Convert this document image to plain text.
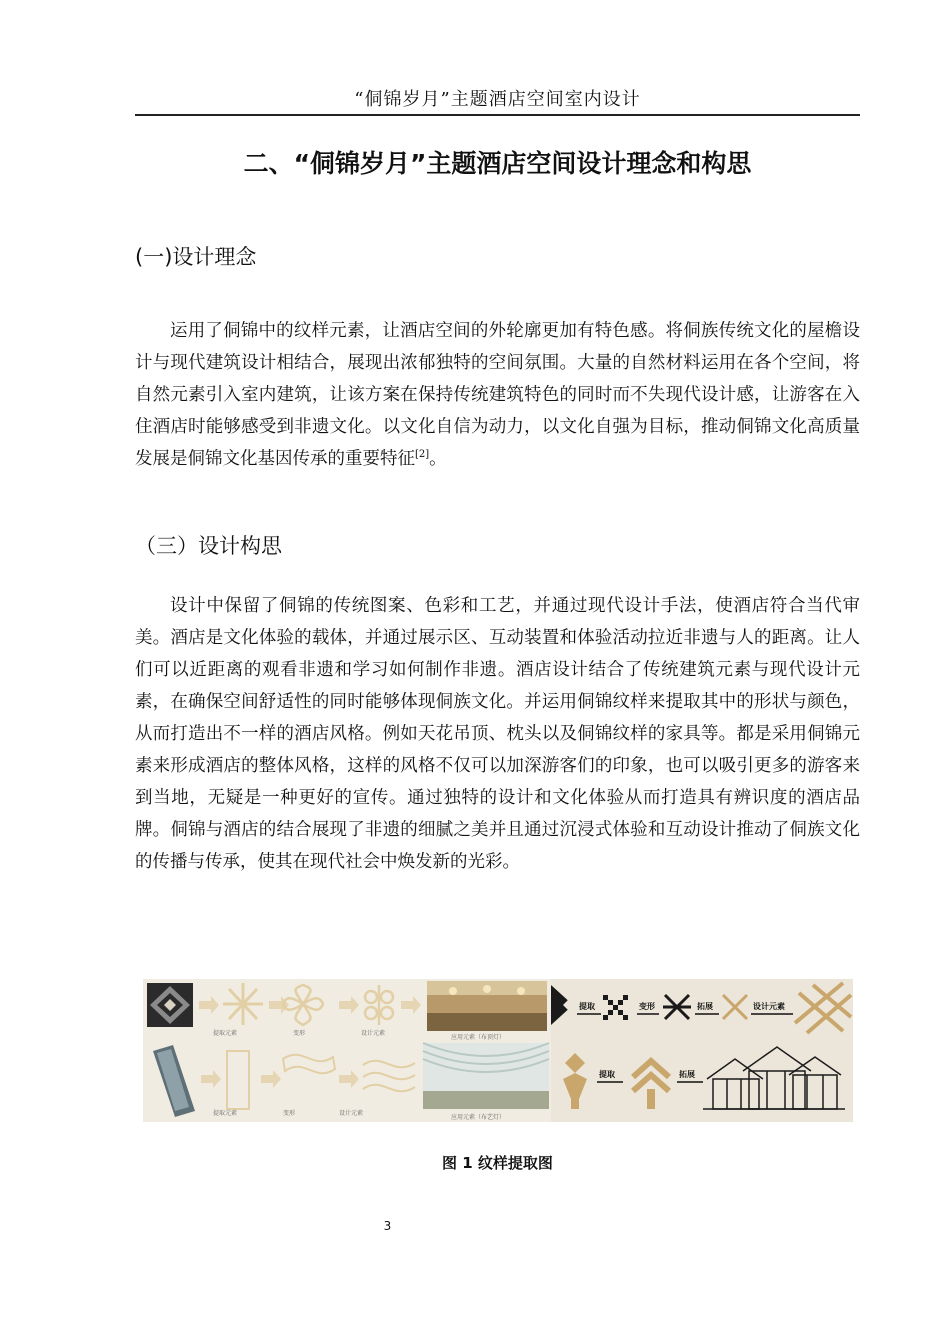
“侗锦岁月”主题酒店空间室内设计
二、“侗锦岁月”主题酒店空间设计理念和构思
(一)设计理念

运用了侗锦中的纹样元素，让酒店空间的外轮廓更加有特色感。将侗族传统文化的屋檐设计与现代建筑设计相结合，展现出浓郁独特的空间氛围。大量的自然材料运用在各个空间，将自然元素引入室内建筑，让该方案在保持传统建筑特色的同时而不失现代设计感，让游客在入住酒店时能够感受到非遗文化。以文化自信为动力，以文化自强为目标，推动侗锦文化高质量发展是侗锦文化基因传承的重要特征[2]。

（三）设计构思

设计中保留了侗锦的传统图案、色彩和工艺，并通过现代设计手法，使酒店符合当代审美。酒店是文化体验的载体，并通过展示区、互动装置和体验活动拉近非遗与人的距离。让人们可以近距离的观看非遗和学习如何制作非遗。酒店设计结合了传统建筑元素与现代设计元素，在确保空间舒适性的同时能够体现侗族文化。并运用侗锦纹样来提取其中的形状与颜色，从而打造出不一样的酒店风格。例如天花吊顶、枕头以及侗锦纹样的家具等。都是采用侗锦元素来形成酒店的整体风格，这样的风格不仅可以加深游客们的印象，也可以吸引更多的游客来到当地，无疑是一种更好的宣传。通过独特的设计和文化体验从而打造具有辨识度的酒店品牌。侗锦与酒店的结合展现了非遗的细腻之美并且通过沉浸式体验和互动设计推动了侗族文化的传播与传承，使其在现代社会中焕发新的光彩。

提取元素	变形	设计元素
应用元素（布顶灯）
提取元素	变形	设计元素
应用元素（布艺灯）
提取	变形	拓展	设计元素
提取	拓展
图 1 纹样提取图
3
